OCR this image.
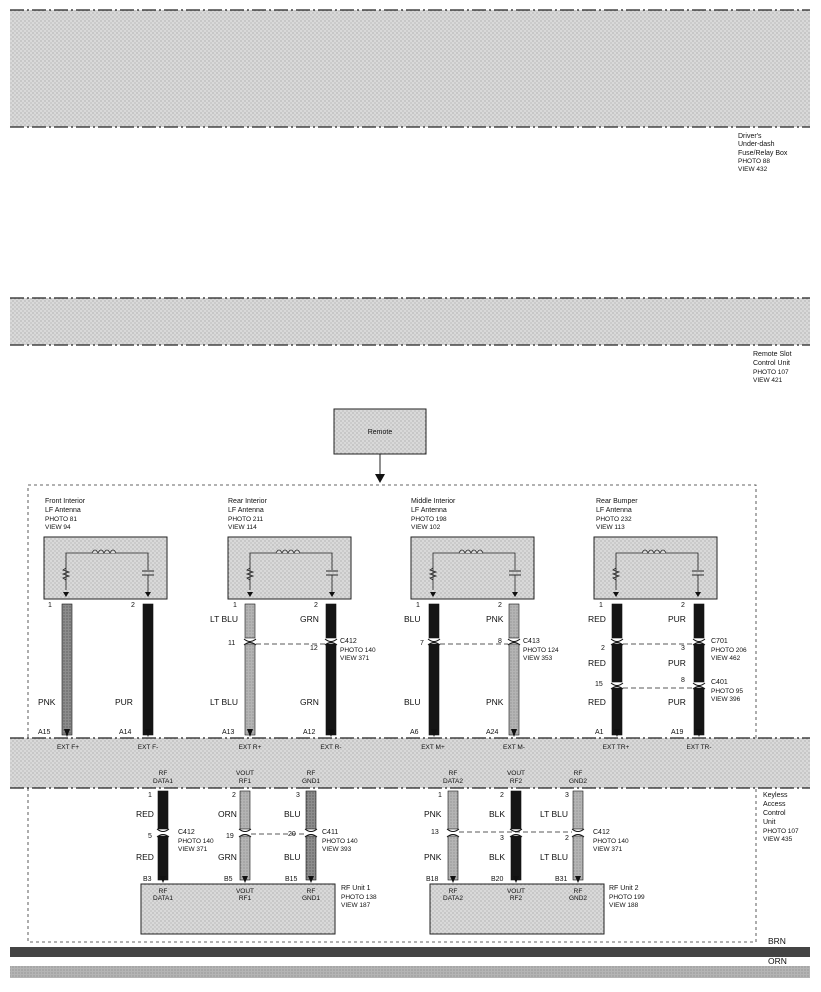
Driver's
Under-dash
Fuse/Relay Box
PHOTO 88
VIEW 432
Remote Slot
Control Unit
PHOTO 107
VIEW 421
Remote
Front Interior
LF Antenna
PHOTO 81
VIEW 94
Rear Interior
LF Antenna
PHOTO 211
VIEW 114
Middle Interior
LF Antenna
PHOTO 198
VIEW 102
Rear Bumper
LF Antenna
PHOTO 232
VIEW 113
1	2	1	2	1	2	1	2
11
12
7	8
2	3
15
8
PNK	PUR
LT BLU	GRN
LT BLU	GRN
BLU	PNK
BLU	PNK
RED	PUR
RED	PUR
RED	PUR
C412
PHOTO 140
VIEW 371
C413
PHOTO 124
VIEW 353
C701
PHOTO 206
VIEW 462
C401
PHOTO 95
VIEW 396
A15	A14	A13	A12	A6	A24	A1	A19
EXT F+	EXT F-	EXT R+	EXT R-	EXT M+	EXT M-	EXT TR+	EXT TR-
RF
DATA1
VOUT
RF1
RF
GND1
RF
DATA2
VOUT
RF2
RF
GND2
Keyless
Access
Control
Unit
PHOTO 107
VIEW 435
1	2	3
5	19	20
1	2	3
13
3	2
RED	ORN	BLU
RED	GRN	BLU
PNK	BLK	LT BLU
PNK	BLK	LT BLU
C412
PHOTO 140
VIEW 371
C411
PHOTO 140
VIEW 393
C412
PHOTO 140
VIEW 371
B3	B5	B15	B18	B20	B31
RF
DATA1
VOUT
RF1
RF
GND1
RF Unit 1
PHOTO 138
VIEW 187
RF
DATA2
VOUT
RF2
RF
GND2
RF Unit 2
PHOTO 199
VIEW 188
BRN
ORN
